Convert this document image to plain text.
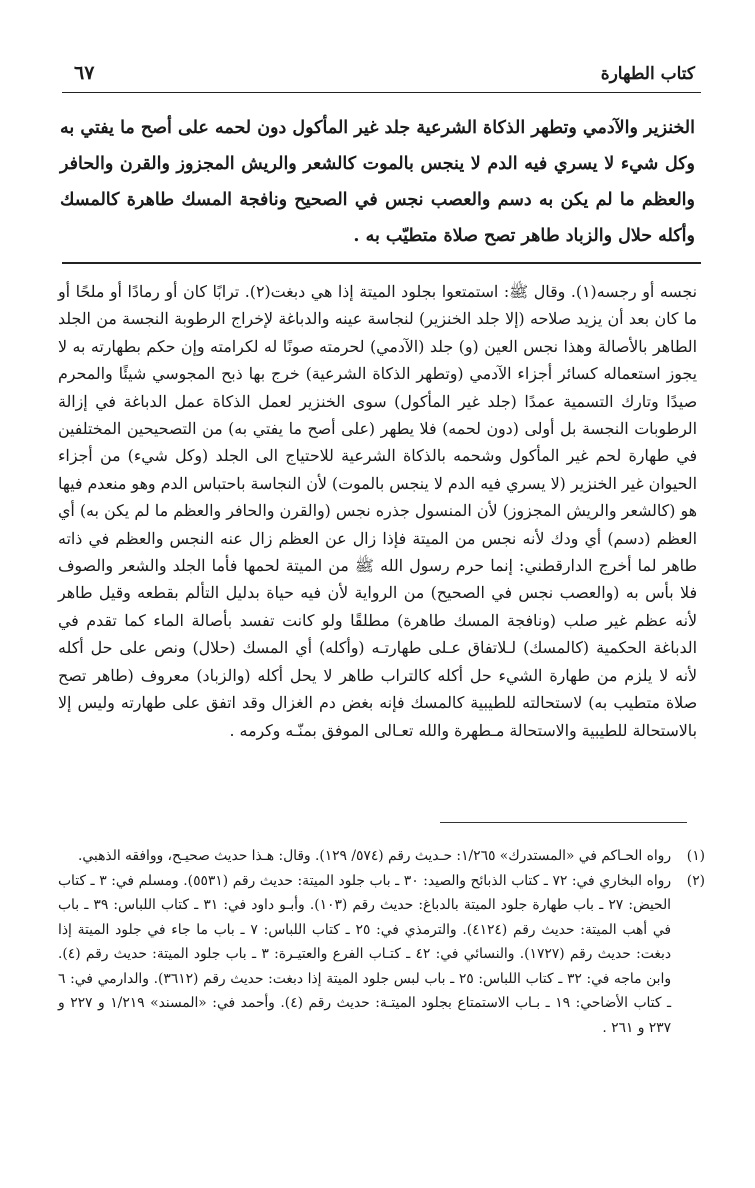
كتاب الطهارة
٦٧

الخنزير والآدمي وتطهر الذكاة الشرعية جلد غير المأكول دون لحمه على أصح ما يفتي به وكل شيء لا يسري فيه الدم لا ينجس بالموت كالشعر والريش المجزوز والقرن والحافر والعظم ما لم يكن به دسم والعصب نجس في الصحيح ونافجة المسك طاهرة كالمسك وأكله حلال والزباد طاهر تصح صلاة متطيّب به .

نجسه أو رجسه(١). وقال ﷺ: استمتعوا بجلود الميتة إذا هي دبغت(٢). ترابًا كان أو رمادًا أو ملحًا أو ما كان بعد أن يزيد صلاحه (إلا جلد الخنزير) لنجاسة عينه والدباغة لإخراج الرطوبة النجسة من الجلد الطاهر بالأصالة وهذا نجس العين (و) جلد (الآدمي) لحرمته صونًا له لكرامته وإن حكم بطهارته به لا يجوز استعماله كسائر أجزاء الآدمي (وتطهر الذكاة الشرعية) خرج بها ذبح المجوسي شيئًا والمحرم صيدًا وتارك التسمية عمدًا (جلد غير المأكول) سوى الخنزير لعمل الذكاة عمل الدباغة في إزالة الرطوبات النجسة بل أولى (دون لحمه) فلا يطهر (على أصح ما يفتي به) من التصحيحين المختلفين في طهارة لحم غير المأكول وشحمه بالذكاة الشرعية للاحتياج الى الجلد (وكل شيء) من أجزاء الحيوان غير الخنزير (لا يسري فيه الدم لا ينجس بالموت) لأن النجاسة باحتباس الدم وهو منعدم فيها هو (كالشعر والريش المجزوز) لأن المنسول جذره نجس (والقرن والحافر والعظم ما لم يكن به) أي العظم (دسم) أي ودك لأنه نجس من الميتة فإذا زال عن العظم زال عنه النجس والعظم في ذاته طاهر لما أخرج الدارقطني: إنما حرم رسول الله ﷺ من الميتة لحمها فأما الجلد والشعر والصوف فلا بأس به (والعصب نجس في الصحيح) من الرواية لأن فيه حياة بدليل التألم بقطعه وقيل طاهر لأنه عظم غير صلب (ونافجة المسك طاهرة) مطلقًا ولو كانت تفسد بأصالة الماء كما تقدم في الدباغة الحكمية (كالمسك) لـلاتفاق عـلى طهارتـه (وأكله) أي المسك (حلال) ونص على حل أكله لأنه لا يلزم من طهارة الشيء حل أكله كالتراب طاهر لا يحل أكله (والزباد) معروف (طاهر تصح صلاة متطيب به) لاستحالته للطيبية كالمسك فإنه بغض دم الغزال وقد اتفق على طهارته وليس إلا بالاستحالة للطيبية والاستحالة مـطهرة والله تعـالى الموفق بمنّـه وكرمه .

(١)
رواه الحـاكم في «المستدرك» ١/٢٦٥: حـديث رقم (٥٧٤/ ١٢٩). وقال: هـذا حديث صحيـح، ووافقه الذهبي.
(٢)
رواه البخاري في: ٧٢ ـ كتاب الذبائح والصيد: ٣٠ ـ باب جلود الميتة: حديث رقم (٥٥٣١). ومسلم في: ٣ ـ كتاب الحيض: ٢٧ ـ باب طهارة جلود الميتة بالدباغ: حديث رقم (١٠٣). وأبـو داود في: ٣١ ـ كتاب اللباس: ٣٩ ـ باب في أهب الميتة: حديث رقم (٤١٢٤). والترمذي في: ٢٥ ـ كتاب اللباس: ٧ ـ باب ما جاء في جلود الميتة إذا دبغت: حديث رقم (١٧٢٧). والنسائي في: ٤٢ ـ كتـاب الفرع والعتيـرة: ٣ ـ باب جلود الميتة: حديث رقم (٤). وابن ماجه في: ٣٢ ـ كتاب اللباس: ٢٥ ـ باب لبس جلود الميتة إذا دبغت: حديث رقم (٣٦١٢). والدارمي في: ٦ ـ كتاب الأضاحي: ١٩ ـ بـاب الاستمتاع بجلود الميتـة: حديث رقم (٤). وأحمد في: «المسند» ١/٢١٩ و ٢٢٧ و ٢٣٧ و ٢٦١ .
